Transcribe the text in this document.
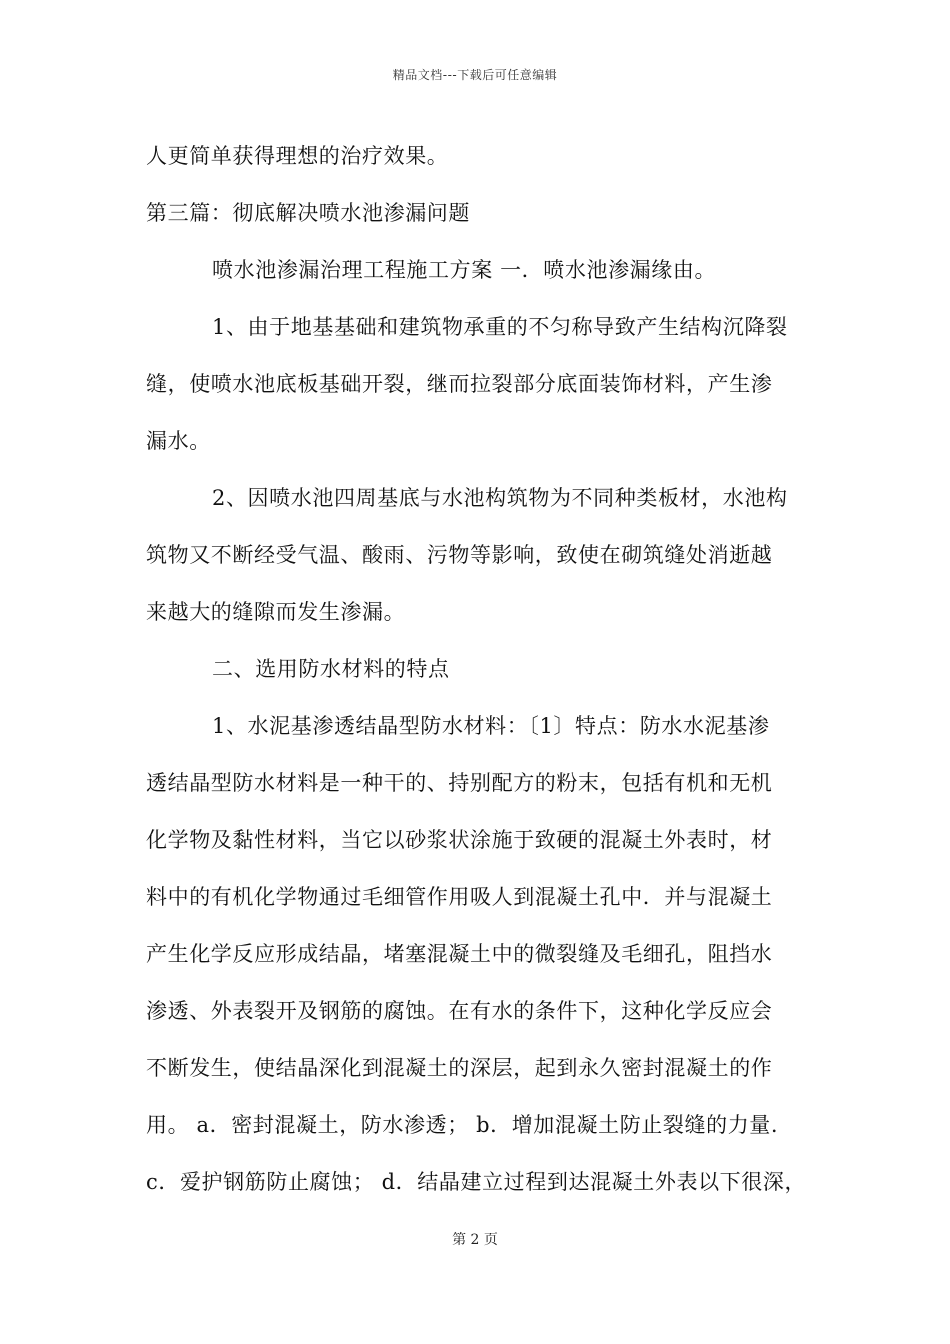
精品文档---下载后可任意编辑
人更简单获得理想的治疗效果。
第三篇：彻底解决喷水池渗漏问题
喷水池渗漏治理工程施工方案 一．喷水池渗漏缘由。
1、由于地基基础和建筑物承重的不匀称导致产生结构沉降裂
缝，使喷水池底板基础开裂，继而拉裂部分底面装饰材料，产生渗
漏水。
2、因喷水池四周基底与水池构筑物为不同种类板材，水池构
筑物又不断经受气温、酸雨、污物等影响，致使在砌筑缝处消逝越
来越大的缝隙而发生渗漏。
二、选用防水材料的特点
1、水泥基渗透结晶型防水材料：〔1〕特点：防水水泥基渗
透结晶型防水材料是一种干的、持别配方的粉末，包括有机和无机
化学物及黏性材料，当它以砂浆状涂施于致硬的混凝土外表时，材
料中的有机化学物通过毛细管作用吸人到混凝土孔中．并与混凝土
产生化学反应形成结晶，堵塞混凝土中的微裂缝及毛细孔，阻挡水
渗透、外表裂开及钢筋的腐蚀。在有水的条件下，这种化学反应会
不断发生，使结晶深化到混凝土的深层，起到永久密封混凝土的作
用。 a．密封混凝土，防水渗透； b．增加混凝土防止裂缝的力量.
c．爱护钢筋防止腐蚀； d．结晶建立过程到达混凝土外表以下很深，
第 2 页
